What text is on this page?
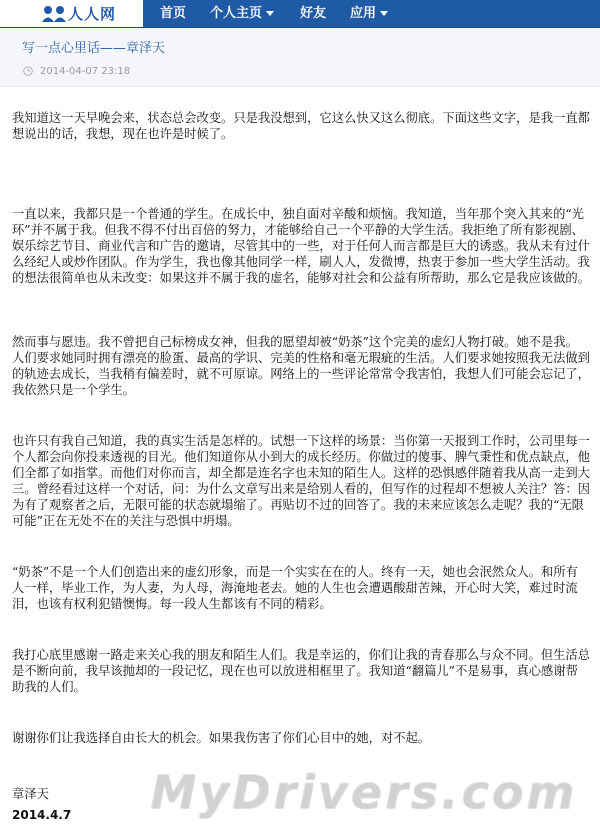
人人网	首页 个人主页	好友 应用
写一点心里话——章泽天
2014-04-07 23:18

我知道这一天早晚会来，状态总会改变。只是我没想到，它这么快又这么彻底。下面这些文字，是我一直都想说出的话，我想，现在也许是时候了。

一直以来，我都只是一个普通的学生。在成长中，独自面对辛酸和烦恼。我知道，当年那个突入其来的“光环”并不属于我。但我不得不付出百倍的努力，才能够给自己一个平静的大学生活。我拒绝了所有影视剧、娱乐综艺节目、商业代言和广告的邀请，尽管其中的一些，对于任何人而言都是巨大的诱惑。我从未有过什么经纪人或炒作团队。作为学生，我也像其他同学一样，刷人人，发微博，热衷于参加一些大学生活动。我的想法很简单也从未改变：如果这并不属于我的虚名，能够对社会和公益有所帮助，那么它是我应该做的。

然而事与愿违。我不曾把自己标榜成女神，但我的愿望却被“奶茶”这个完美的虚幻人物打破。她不是我。人们要求她同时拥有漂亮的脸蛋、最高的学识、完美的性格和毫无瑕疵的生活。人们要求她按照我无法做到的轨迹去成长，当我稍有偏差时，就不可原谅。网络上的一些评论常常令我害怕，我想人们可能会忘记了，我依然只是一个学生。

也许只有我自己知道，我的真实生活是怎样的。试想一下这样的场景：当你第一天报到工作时，公司里每一个人都会向你投来透视的目光。他们知道你从小到大的成长经历。你做过的傻事、脾气秉性和优点缺点，他们全都了如指掌。而他们对你而言，却全都是连名字也未知的陌生人。这样的恐惧感伴随着我从高一走到大三。曾经看过这样一个对话，问：为什么文章写出来是给别人看的，但写作的过程却不想被人关注？答：因为有了观察者之后，无限可能的状态就塌缩了。再贴切不过的回答了。我的未来应该怎么走呢？我的“无限可能”正在无处不在的关注与恐惧中坍塌。

“奶茶”不是一个人们创造出来的虚幻形象，而是一个实实在在的人。终有一天，她也会泯然众人。和所有人一样，毕业工作，为人妻，为人母，海淹地老去。她的人生也会遭遇酸甜苦辣，开心时大笑，难过时流泪，也该有权利犯错懊悔。每一段人生都该有不同的精彩。

我打心底里感谢一路走来关心我的朋友和陌生人们。我是幸运的，你们让我的青春那么与众不同。但生活总是不断向前，我早该抛却的一段记忆，现在也可以放进相框里了。我知道“翻篇儿”不是易事，真心感谢帮助我的人们。

谢谢你们让我选择自由长大的机会。如果我伤害了你们心目中的她，对不起。

章泽天
2014.4.7 MyDrivers.com
